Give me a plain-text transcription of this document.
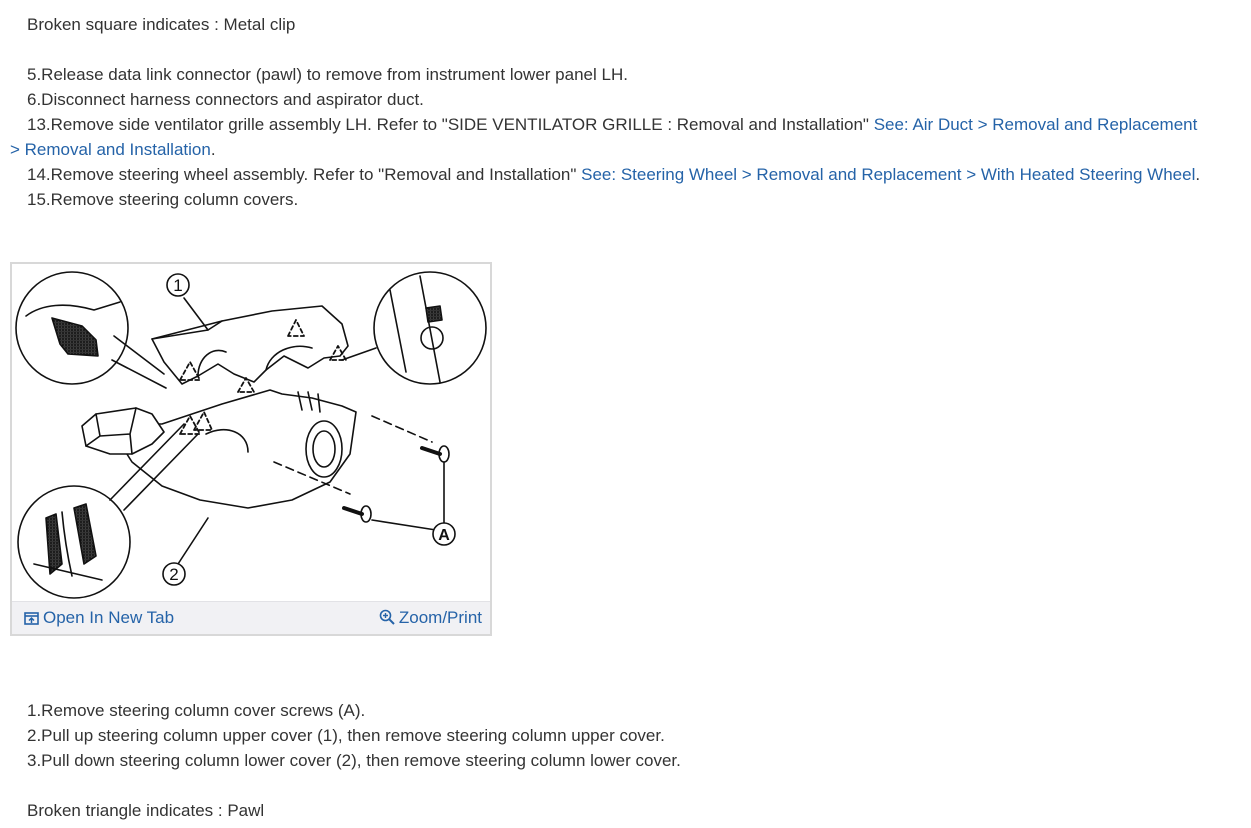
Broken square indicates : Metal clip
5.Release data link connector (pawl) to remove from instrument lower panel LH.
6.Disconnect harness connectors and aspirator duct.
13.Remove side ventilator grille assembly LH. Refer to "SIDE VENTILATOR GRILLE : Removal and Installation" See: Air Duct > Removal and Replacement
> Removal and Installation.
14.Remove steering wheel assembly. Refer to "Removal and Installation" See: Steering Wheel > Removal and Replacement > With Heated Steering Wheel.
15.Remove steering column covers.
1
2
A
Open In New Tab	Zoom/Print
1.Remove steering column cover screws (A).
2.Pull up steering column upper cover (1), then remove steering column upper cover.
3.Pull down steering column lower cover (2), then remove steering column lower cover.
Broken triangle indicates : Pawl
